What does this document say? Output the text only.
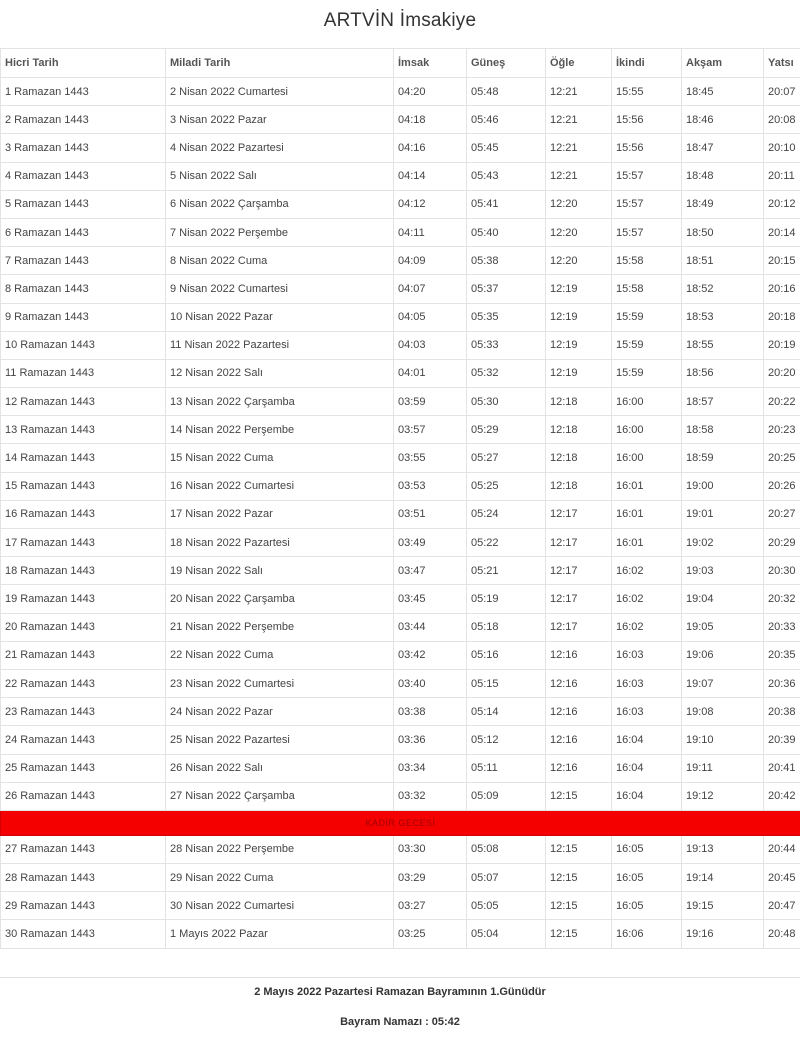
ARTVİN İmsakiye
Hicri Tarih	Miladi Tarih	İmsak	Güneş	Öğle	İkindi	Akşam	Yatsı
1 Ramazan 1443	2 Nisan 2022 Cumartesi	04:20	05:48	12:21	15:55	18:45	20:07
2 Ramazan 1443	3 Nisan 2022 Pazar	04:18	05:46	12:21	15:56	18:46	20:08
3 Ramazan 1443	4 Nisan 2022 Pazartesi	04:16	05:45	12:21	15:56	18:47	20:10
4 Ramazan 1443	5 Nisan 2022 Salı	04:14	05:43	12:21	15:57	18:48	20:11
5 Ramazan 1443	6 Nisan 2022 Çarşamba	04:12	05:41	12:20	15:57	18:49	20:12
6 Ramazan 1443	7 Nisan 2022 Perşembe	04:11	05:40	12:20	15:57	18:50	20:14
7 Ramazan 1443	8 Nisan 2022 Cuma	04:09	05:38	12:20	15:58	18:51	20:15
8 Ramazan 1443	9 Nisan 2022 Cumartesi	04:07	05:37	12:19	15:58	18:52	20:16
9 Ramazan 1443	10 Nisan 2022 Pazar	04:05	05:35	12:19	15:59	18:53	20:18
10 Ramazan 1443	11 Nisan 2022 Pazartesi	04:03	05:33	12:19	15:59	18:55	20:19
11 Ramazan 1443	12 Nisan 2022 Salı	04:01	05:32	12:19	15:59	18:56	20:20
12 Ramazan 1443	13 Nisan 2022 Çarşamba	03:59	05:30	12:18	16:00	18:57	20:22
13 Ramazan 1443	14 Nisan 2022 Perşembe	03:57	05:29	12:18	16:00	18:58	20:23
14 Ramazan 1443	15 Nisan 2022 Cuma	03:55	05:27	12:18	16:00	18:59	20:25
15 Ramazan 1443	16 Nisan 2022 Cumartesi	03:53	05:25	12:18	16:01	19:00	20:26
16 Ramazan 1443	17 Nisan 2022 Pazar	03:51	05:24	12:17	16:01	19:01	20:27
17 Ramazan 1443	18 Nisan 2022 Pazartesi	03:49	05:22	12:17	16:01	19:02	20:29
18 Ramazan 1443	19 Nisan 2022 Salı	03:47	05:21	12:17	16:02	19:03	20:30
19 Ramazan 1443	20 Nisan 2022 Çarşamba	03:45	05:19	12:17	16:02	19:04	20:32
20 Ramazan 1443	21 Nisan 2022 Perşembe	03:44	05:18	12:17	16:02	19:05	20:33
21 Ramazan 1443	22 Nisan 2022 Cuma	03:42	05:16	12:16	16:03	19:06	20:35
22 Ramazan 1443	23 Nisan 2022 Cumartesi	03:40	05:15	12:16	16:03	19:07	20:36
23 Ramazan 1443	24 Nisan 2022 Pazar	03:38	05:14	12:16	16:03	19:08	20:38
24 Ramazan 1443	25 Nisan 2022 Pazartesi	03:36	05:12	12:16	16:04	19:10	20:39
25 Ramazan 1443	26 Nisan 2022 Salı	03:34	05:11	12:16	16:04	19:11	20:41
26 Ramazan 1443	27 Nisan 2022 Çarşamba	03:32	05:09	12:15	16:04	19:12	20:42
KADİR GECESİ							
27 Ramazan 1443	28 Nisan 2022 Perşembe	03:30	05:08	12:15	16:05	19:13	20:44
28 Ramazan 1443	29 Nisan 2022 Cuma	03:29	05:07	12:15	16:05	19:14	20:45
29 Ramazan 1443	30 Nisan 2022 Cumartesi	03:27	05:05	12:15	16:05	19:15	20:47
30 Ramazan 1443	1 Mayıs 2022 Pazar	03:25	05:04	12:15	16:06	19:16	20:48
2 Mayıs 2022 Pazartesi Ramazan Bayramının 1.Günüdür
Bayram Namazı : 05:42
